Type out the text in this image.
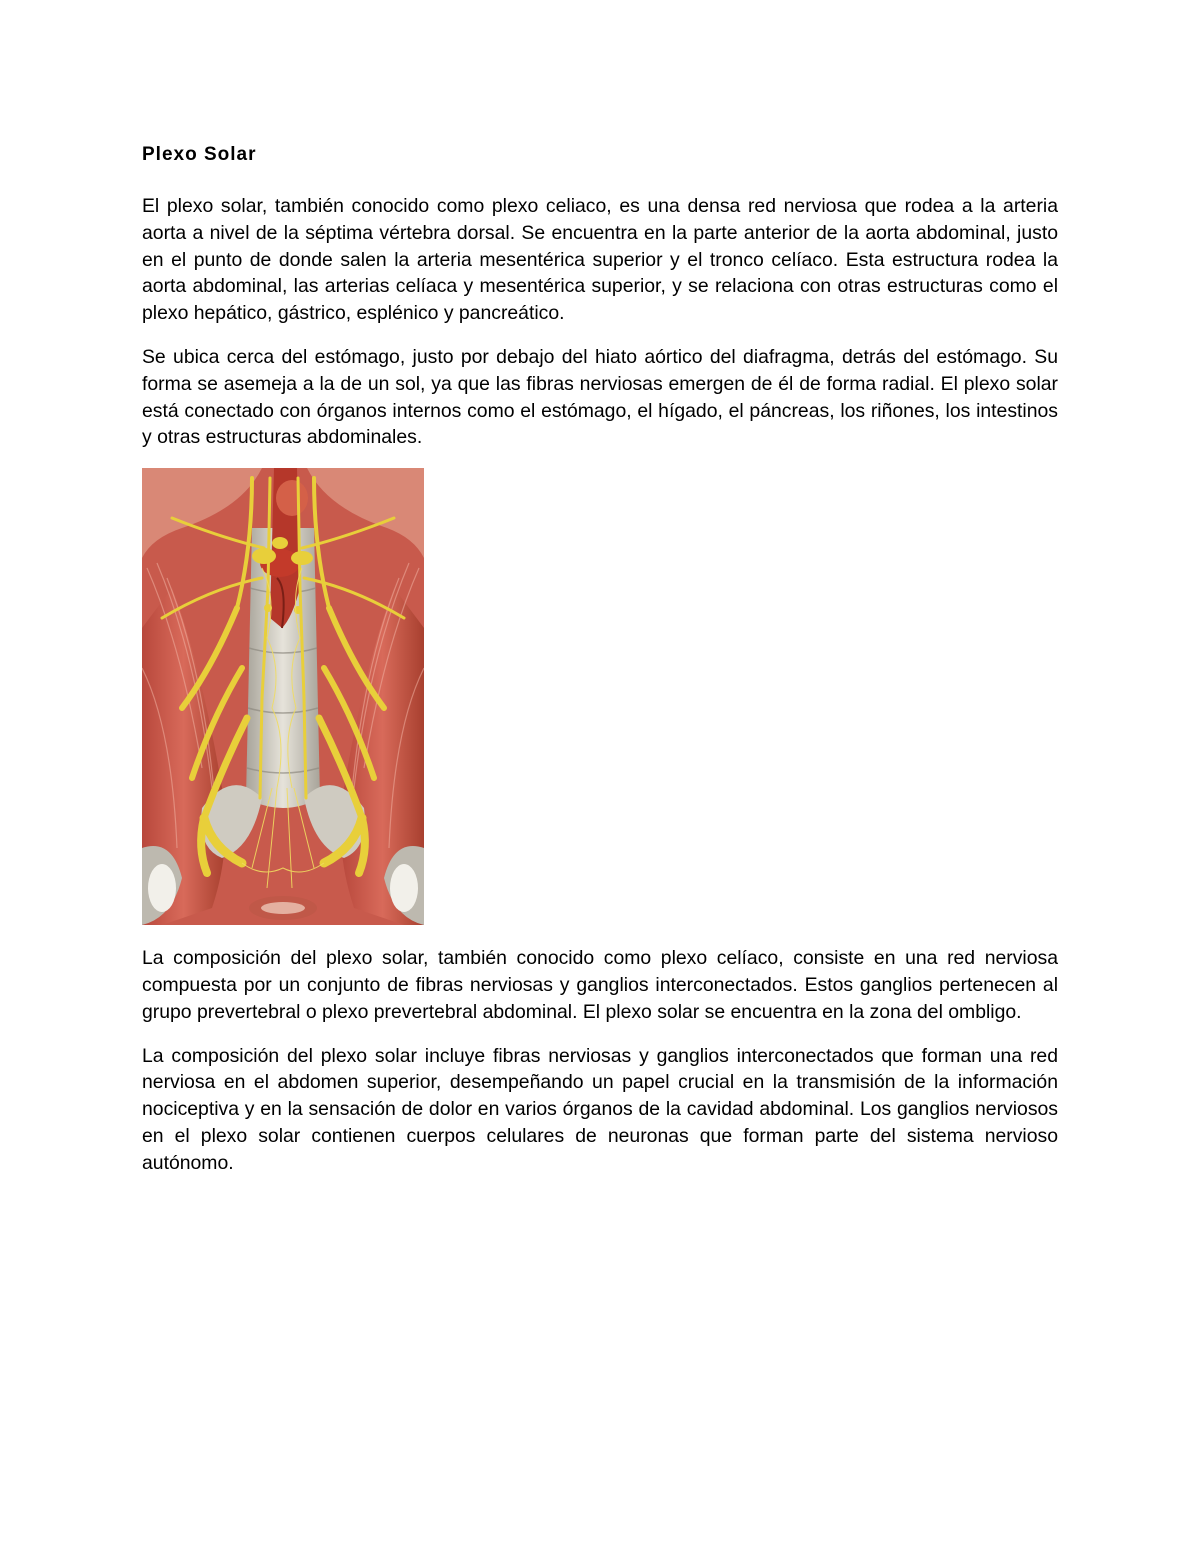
Plexo Solar

El plexo solar, también conocido como plexo celiaco, es una densa red nerviosa que rodea a la arteria aorta a nivel de la séptima vértebra dorsal. Se encuentra en la parte anterior de la aorta abdominal, justo en el punto de donde salen la arteria mesentérica superior y el tronco celíaco. Esta estructura rodea la aorta abdominal, las arterias celíaca y mesentérica superior, y se relaciona con otras estructuras como el plexo hepático, gástrico, esplénico y pancreático.

Se ubica cerca del estómago, justo por debajo del hiato aórtico del diafragma, detrás del estómago. Su forma se asemeja a la de un sol, ya que las fibras nerviosas emergen de él de forma radial. El plexo solar está conectado con órganos internos como el estómago, el hígado, el páncreas, los riñones, los intestinos y otras estructuras abdominales.

La composición del plexo solar, también conocido como plexo celíaco, consiste en una red nerviosa compuesta por un conjunto de fibras nerviosas y ganglios interconectados. Estos ganglios pertenecen al grupo prevertebral o plexo prevertebral abdominal. El plexo solar se encuentra en la zona del ombligo.

La composición del plexo solar incluye fibras nerviosas y ganglios interconectados que forman una red nerviosa en el abdomen superior, desempeñando un papel crucial en la transmisión de la información nociceptiva y en la sensación de dolor en varios órganos de la cavidad abdominal. Los ganglios nerviosos en el plexo solar contienen cuerpos celulares de neuronas que forman parte del sistema nervioso autónomo.
